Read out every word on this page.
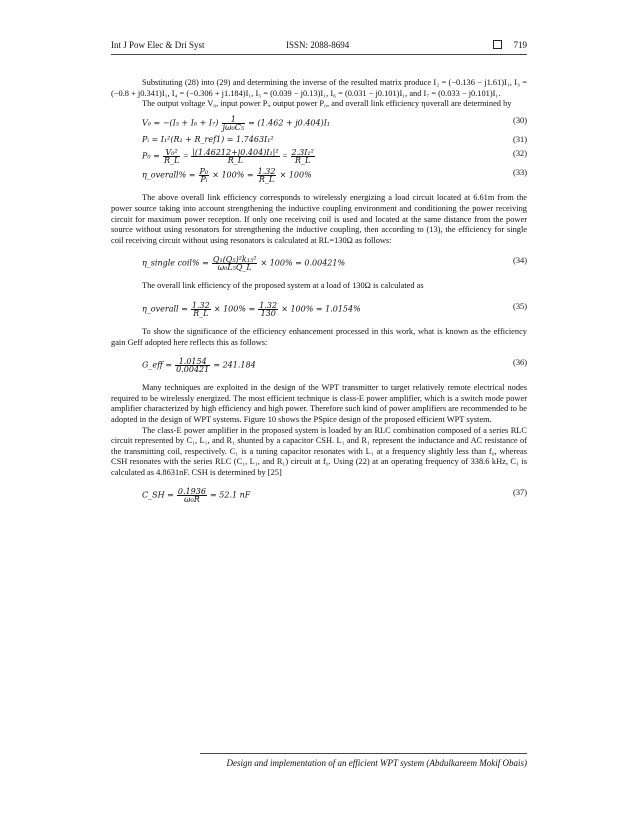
Int J Pow Elec & Dri Syst	ISSN: 2088-8694	719

Substituting (28) into (29) and determining the inverse of the resulted matrix produce I₂ = (−0.136 − j1.61)I₁, I₃ = (−0.8 + j0.341)I₁, I₄ = (−0.306 + j1.184)I₁, I₅ = (0.039 − j0.13)I₁, I₆ = (0.031 − j0.101)I₁, and I₇ = (0.033 − j0.101)I₁.

The output voltage V₀, input power Pᵢ, output power P₀, and overall link efficiency ηoverall are determined by

$V_0 = -(I_5 + I_6 + I_7) \frac{1}{\text{jω₀C₅}} = (1.462 + j0.404)I_1$	(30)
Pᵢ = I₁²(R₁ + R_ref1) = 1.7463I₁²	(31)
$P_0 = \frac{\text{V₀²}}{R\_L} = \frac{\text{|(1.46212+j0.404)I₁|²}}{R\_L} = \frac{\text{2.3I₁²}}{R\_L}$	(32)
η_overall% = $\frac{\text{P₀}}{\text{Pᵢ}} \times 100\% = \frac{1.32}{R\_L} \times 100\%$	(33)

The above overall link efficiency corresponds to wirelessly energizing a load circuit located at 6.61m from the power source taking into account strengthening the inductive coupling environment and conditioning the power receiving circuit for maximum power reception. If only one receiving coil is used and located at the same distance from the power source without using resonators for strengthening the inductive coupling, then according to (13), the efficiency for single coil receiving circuit without using resonators is calculated at RL=130Ω as follows:

η_single coil% = $\frac{\text{Q₁(Q₅)²k₁₅²}}{\text{ω₀L₅Q\_L}} \times 100\% = 0.00421\%$	(34)

The overall link efficiency of the proposed system at a load of 130Ω is calculated as

η_overall = $\frac{1.32}{R\_L} \times 100\% = \frac{1.32}{130} \times 100\% = 1.0154\%$	(35)

To show the significance of the efficiency enhancement processed in this work, what is known as the efficiency gain Geff adopted here reflects this as follows:

G_eff = $\frac{1.0154}{0.00421} = 241.184$	(36)

Many techniques are exploited in the design of the WPT transmitter to target relatively remote electrical nodes required to be wirelessly energized. The most efficient technique is class-E power amplifier, which is a switch mode power amplifier characterized by high efficiency and high power. Therefore such kind of power amplifiers are recommended to be adopted in the design of WPT systems. Figure 10 shows the PSpice design of the proposed efficient WPT system.

The class-E power amplifier in the proposed system is loaded by an RLC combination composed of a series RLC circuit represented by C₁, L₁, and R₁ shunted by a capacitor CSH. L₁ and R₁ represent the inductance and AC resistance of the transmitting coil, respectively. C₁ is a tuning capacitor resonates with L₁ at a frequency slightly less than f₀, whereas CSH resonates with the series RLC (C₁, L₁, and R₁) circuit at f₀. Using (22) at an operating frequency of 338.6 kHz, C₁ is calculated as 4.8631nF. CSH is determined by [25]

C_SH = $\frac{0.1936}{\text{ω₀R}} = 52.1$ nF	(37)
Design and implementation of an efficient WPT system (Abdulkareem Mokif Obais)
